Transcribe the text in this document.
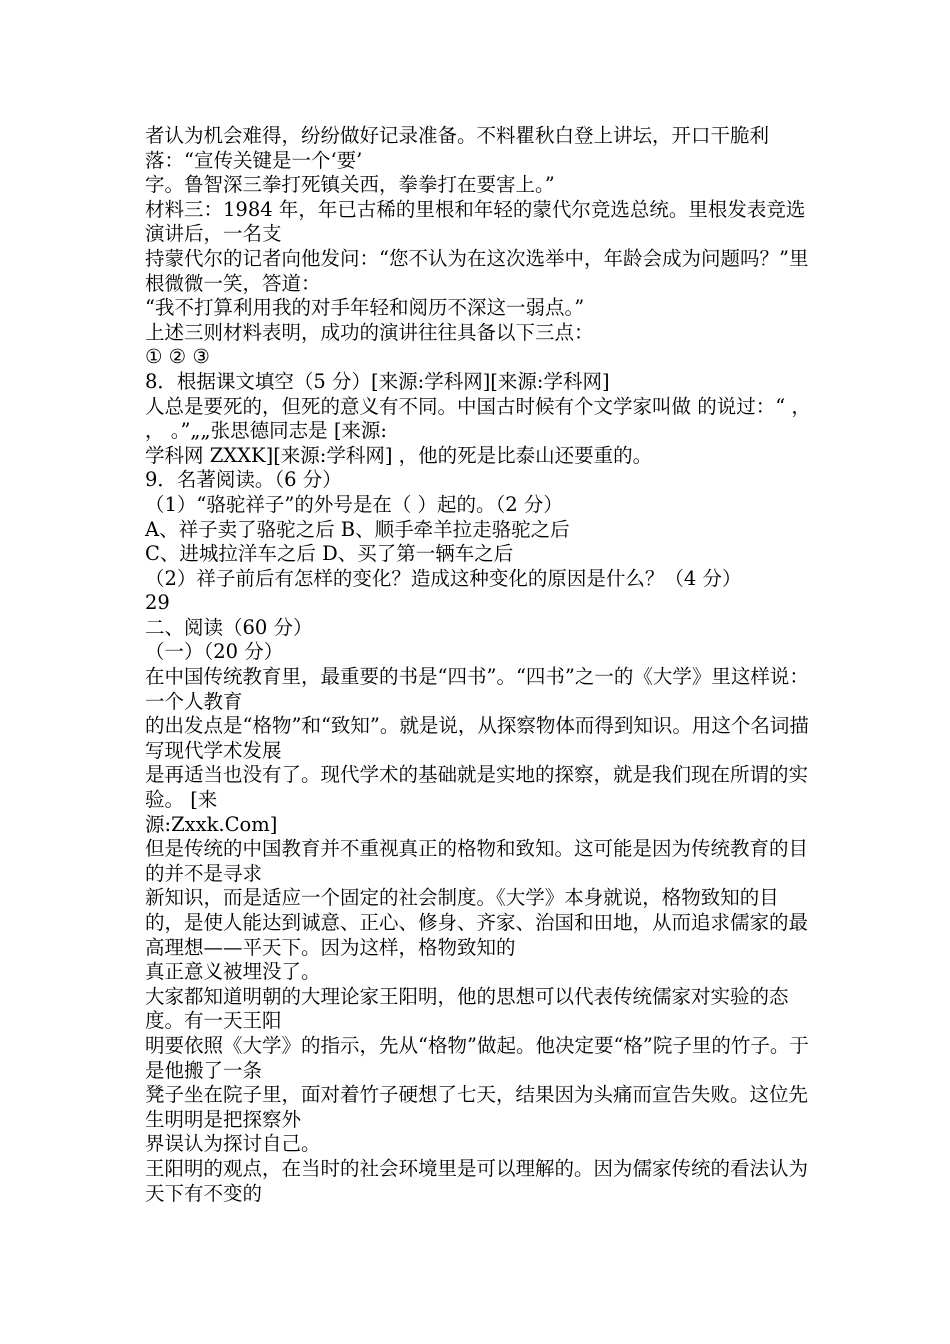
者认为机会难得，纷纷做好记录准备。不料瞿秋白登上讲坛，开口干脆利落：“宣传关键是一个‘要’

字。鲁智深三拳打死镇关西，拳拳打在要害上。”

材料三：1984 年，年已古稀的里根和年轻的蒙代尔竞选总统。里根发表竞选演讲后，一名支

持蒙代尔的记者向他发问：“您不认为在这次选举中，年龄会成为问题吗？”里根微微一笑，答道：

“我不打算利用我的对手年轻和阅历不深这一弱点。”

上述三则材料表明，成功的演讲往往具备以下三点：

① ② ③

8．根据课文填空（5 分）[来源:学科网][来源:学科网]

人总是要死的，但死的意义有不同。中国古时候有个文学家叫做 的说过：“ ， ， 。”„„张思德同志是 [来源:

学科网 ZXXK][来源:学科网] ，他的死是比泰山还要重的。

9．名著阅读。（6 分）

（1）“骆驼祥子”的外号是在（ ）起的。（2 分）

A、祥子卖了骆驼之后 B、顺手牵羊拉走骆驼之后

C、进城拉洋车之后 D、买了第一辆车之后

（2）祥子前后有怎样的变化？造成这种变化的原因是什么？（4 分）

29

二、阅读（60 分）

（一）（20 分）

在中国传统教育里，最重要的书是“四书”。“四书”之一的《大学》里这样说：一个人教育

的出发点是“格物”和“致知”。就是说，从探察物体而得到知识。用这个名词描写现代学术发展

是再适当也没有了。现代学术的基础就是实地的探察，就是我们现在所谓的实验。 [来

源:Zxxk.Com]

但是传统的中国教育并不重视真正的格物和致知。这可能是因为传统教育的目的并不是寻求

新知识，而是适应一个固定的社会制度。《大学》本身就说，格物致知的目的，是使人能达到诚意、正心、修身、齐家、治国和田地，从而追求儒家的最高理想——平天下。因为这样，格物致知的

真正意义被埋没了。

大家都知道明朝的大理论家王阳明，他的思想可以代表传统儒家对实验的态度。有一天王阳

明要依照《大学》的指示，先从“格物”做起。他决定要“格”院子里的竹子。于是他搬了一条

凳子坐在院子里，面对着竹子硬想了七天，结果因为头痛而宣告失败。这位先生明明是把探察外

界误认为探讨自己。

王阳明的观点，在当时的社会环境里是可以理解的。因为儒家传统的看法认为天下有不变的
